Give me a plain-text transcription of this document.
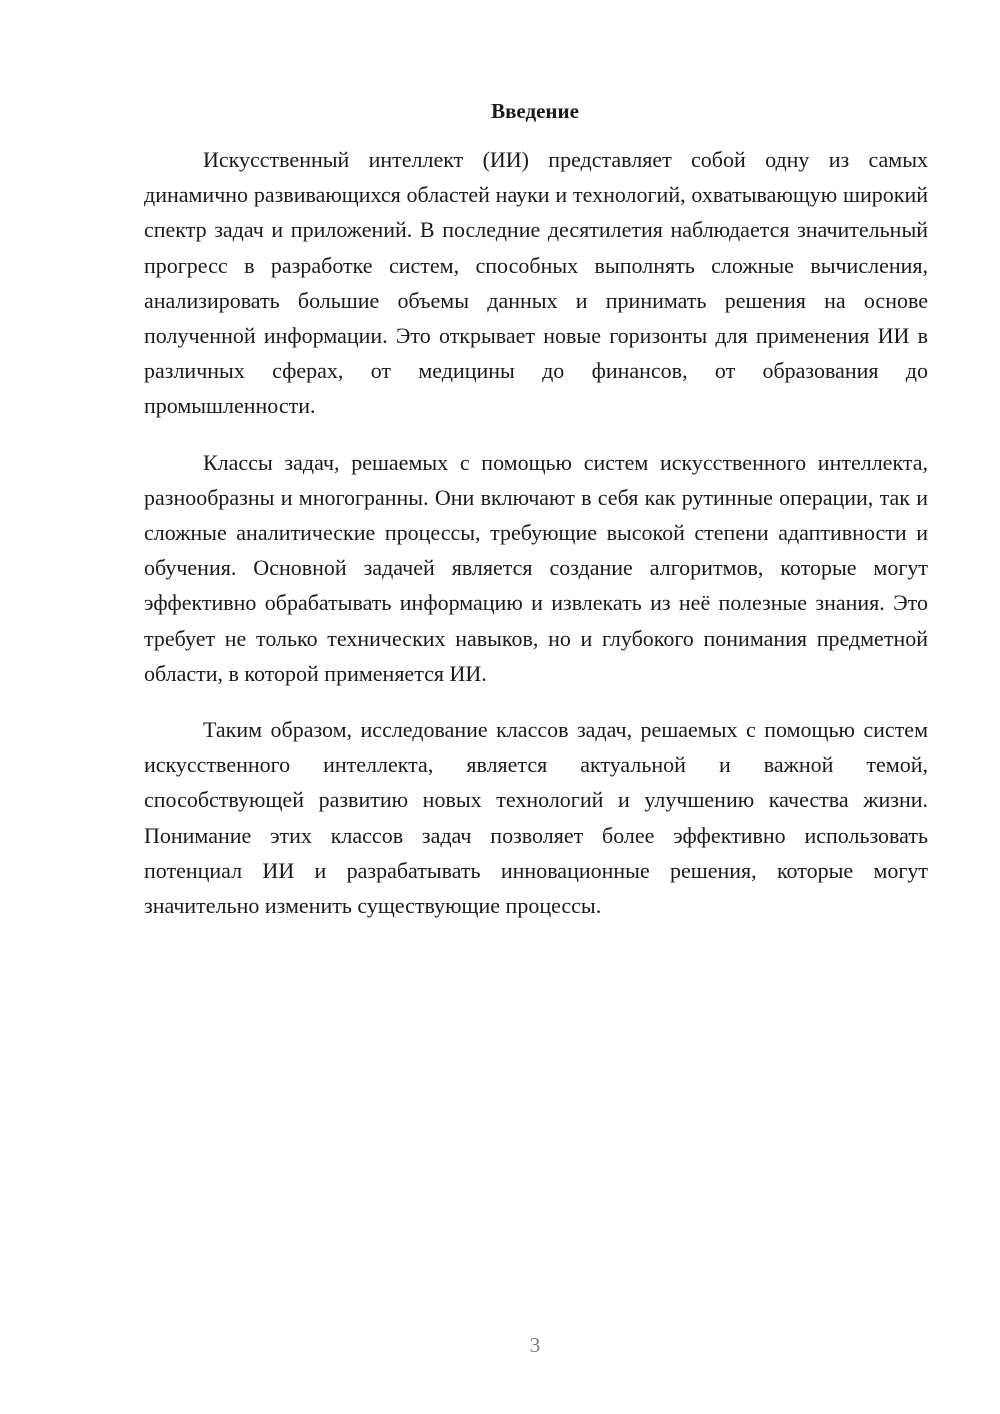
Введение

Искусственный интеллект (ИИ) представляет собой одну из самых динамично развивающихся областей науки и технологий, охватывающую широкий спектр задач и приложений. В последние десятилетия наблюдается значительный прогресс в разработке систем, способных выполнять сложные вычисления, анализировать большие объемы данных и принимать решения на основе полученной информации. Это открывает новые горизонты для применения ИИ в различных сферах, от медицины до финансов, от образования до промышленности.

Классы задач, решаемых с помощью систем искусственного интеллекта, разнообразны и многогранны. Они включают в себя как рутинные операции, так и сложные аналитические процессы, требующие высокой степени адаптивности и обучения. Основной задачей является создание алгоритмов, которые могут эффективно обрабатывать информацию и извлекать из неё полезные знания. Это требует не только технических навыков, но и глубокого понимания предметной области, в которой применяется ИИ.

Таким образом, исследование классов задач, решаемых с помощью систем искусственного интеллекта, является актуальной и важной темой, способствующей развитию новых технологий и улучшению качества жизни. Понимание этих классов задач позволяет более эффективно использовать потенциал ИИ и разрабатывать инновационные решения, которые могут значительно изменить существующие процессы.

3
